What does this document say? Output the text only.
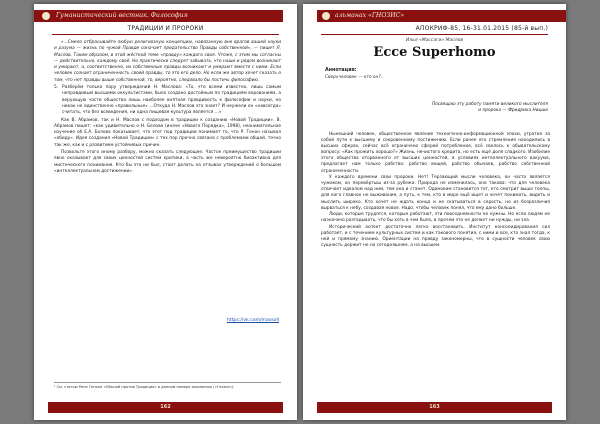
Гуманистический вестник. Философия
ТРАДИЦИИ И ПРОРОКИ

«...Смело отбрасывайте любую религиозную концепцию, навязанную вне врагов вашей науки и разума — жизнь по чужой Правде означает предательство Правды собственной», — пишет Л. Маслов. Таким образом, в этой жёсткой теме «правду» каждого своя. Чтоже, с этим мы согласны — действительно, каждому своё. Но практически следует забывать, что наши и рядом возникают и умирают, а, соответственно, их собственные правды возникают и умирают вместе с ними. Если человек сознает ограниченность своей правды, то это его дело. Но если же автор хочет сказать о том, что нет правды выше собственной, то, вероятно, следовало бы постичь философию.

5. Разберём только пару утверждений Н. Маслова: «То, что всеми известно, лишь самым неправдивым высшими оккультистами, было создано достойным по традициям верованиям, а верующую части общества лишь наиболее внятная правдивость к философии и науки, но никак не единственно «правильные» ...Откуда Н. Маслов это знает? И неужели он «навсегда» считать, что без всеведения, ни одна пищевая культура является ...»

Как В. Абрамов, так и Н. Маслов с подходом в традиции к созданию «Новой Традиции». В. Абрамов пишет: «как удивительно о Н. Белове (иначе «Нового Порядка», 1998), неанимательное изучение об Е.А. Белова показывает, что этот под традиции понимает то, что Р. Генон называл «обиду». Идея создания «Новой Традиции» с тех пор прочно связана с проблемами общей, точно так же, как и с развитием устойчивых причин.

Позвольте этого иному разбору, можно сказать следующее. Частое преимущество традиции явно оказывает для своих ценностей систем критики, а часть же невероятно биоактивна для мистического понимания. Кто бы это ни был, стоит делать на отзывах утверждений о большом «интеллектуальном достижении».

https://vk.com/massoll
¹ См. статью Рене Генона «Обычай против Традиции» в данном номере альманаха («Гнозис»).
162
альманах «ГНОЗИС»
АПОКРИФ-85, 16-31.01.2015 (85-й вып.)
Илья «Массаги» Маслов
Ecce Superhomo
Аннотация:
Сверхчеловек — кто он?..
Посвящаю эту работу памяти великого мыслителя и пророка — Фридриха Ницше

Нынешний человек, общественное явление техногенно-информационной эпохи, утратил за собой пути к высшему и сокровенному постижению. Если ранее его стремления находились в высших сферах, сейчас всё ограничено сферой потребления, всё свелось к обывательскому вопросу: «Как прожить хорошо?» Жизнь, нечистого кредита, но есть ещё доля сладкого. Изобилие этого общества оторванного от высших ценностей, в условиях интеллектуального вакуума, предлагает нам только рабство: рабство вещей, рабство обычаев, рабство собственной ограниченности.

У каждого времени свои пророки. Нет! Терзающий мысли человека, он часто является чужаком, он перевёртыш из-за рубежа. Природа не изменилась, она такова: что для человека отвечает идеалом над ним, тем она и станет. Одиноким становится тот, кто смотрит выше толпы, для кого главное не выживание, а путь, к тем, кто в мире ещё ищет и хочет понимать, видеть и мыслить широко. Кто хочет не ждать конца и не скатываться в серость, но из безразличия вырваться к небу, создавая новое. Надо, чтобы человек понял, что ему дано больше.

Люди, которые трудятся, которые работают, эти повседневности не нужны. Но если людям не назначено разгадывать, что бы хоть в чем было, в прочем это не делает ни нужды, ни зла.

Исторический аспект достаточно легко восстановить. Институт консолидирования сил работает, и с течением культурных систем и как такового понятия, с ними и все, кто знал тогда, к ней и прямому знанию. Ориентации на правду закономерны, что в сущности человек свою сущность держит не на сегодняшнем, а на высшем.

163
